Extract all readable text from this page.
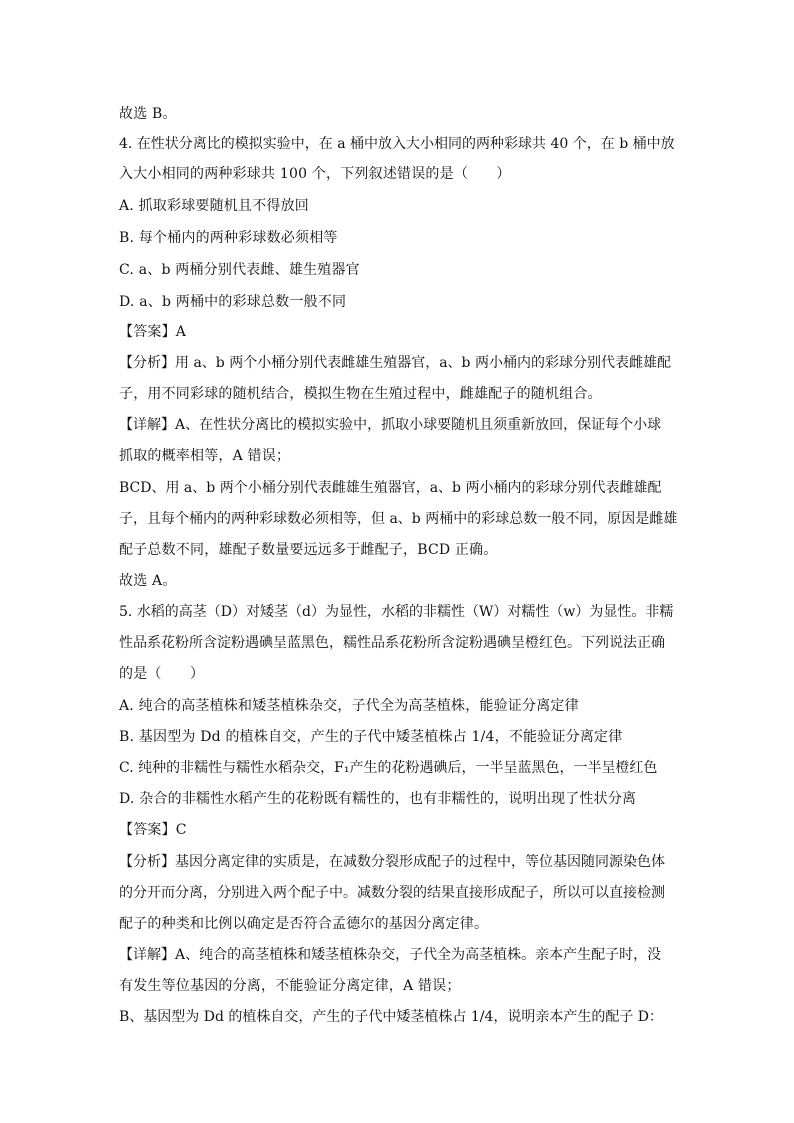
故选 B。
4. 在性状分离比的模拟实验中，在 a 桶中放入大小相同的两种彩球共 40 个，在 b 桶中放
入大小相同的两种彩球共 100 个，下列叙述错误的是（　　）
A. 抓取彩球要随机且不得放回
B. 每个桶内的两种彩球数必须相等
C. a、b 两桶分别代表雌、雄生殖器官
D. a、b 两桶中的彩球总数一般不同
【答案】A
【分析】用 a、b 两个小桶分别代表雌雄生殖器官，a、b 两小桶内的彩球分别代表雌雄配
子，用不同彩球的随机结合，模拟生物在生殖过程中，雌雄配子的随机组合。
【详解】A、在性状分离比的模拟实验中，抓取小球要随机且须重新放回，保证每个小球
抓取的概率相等，A 错误；
BCD、用 a、b 两个小桶分别代表雌雄生殖器官，a、b 两小桶内的彩球分别代表雌雄配
子，且每个桶内的两种彩球数必须相等，但 a、b 两桶中的彩球总数一般不同，原因是雌雄
配子总数不同，雄配子数量要远远多于雌配子，BCD 正确。
故选 A。
5. 水稻的高茎（D）对矮茎（d）为显性，水稻的非糯性（W）对糯性（w）为显性。非糯
性品系花粉所含淀粉遇碘呈蓝黑色，糯性品系花粉所含淀粉遇碘呈橙红色。下列说法正确
的是（　　）
A. 纯合的高茎植株和矮茎植株杂交，子代全为高茎植株，能验证分离定律
B. 基因型为 Dd 的植株自交，产生的子代中矮茎植株占 1/4，不能验证分离定律
C. 纯种的非糯性与糯性水稻杂交，F₁产生的花粉遇碘后，一半呈蓝黑色，一半呈橙红色
D. 杂合的非糯性水稻产生的花粉既有糯性的，也有非糯性的，说明出现了性状分离
【答案】C
【分析】基因分离定律的实质是，在减数分裂形成配子的过程中，等位基因随同源染色体
的分开而分离，分别进入两个配子中。减数分裂的结果直接形成配子，所以可以直接检测
配子的种类和比例以确定是否符合孟德尔的基因分离定律。
【详解】A、纯合的高茎植株和矮茎植株杂交，子代全为高茎植株。亲本产生配子时，没
有发生等位基因的分离，不能验证分离定律，A 错误；
B、基因型为 Dd 的植株自交，产生的子代中矮茎植株占 1/4，说明亲本产生的配子 D：
